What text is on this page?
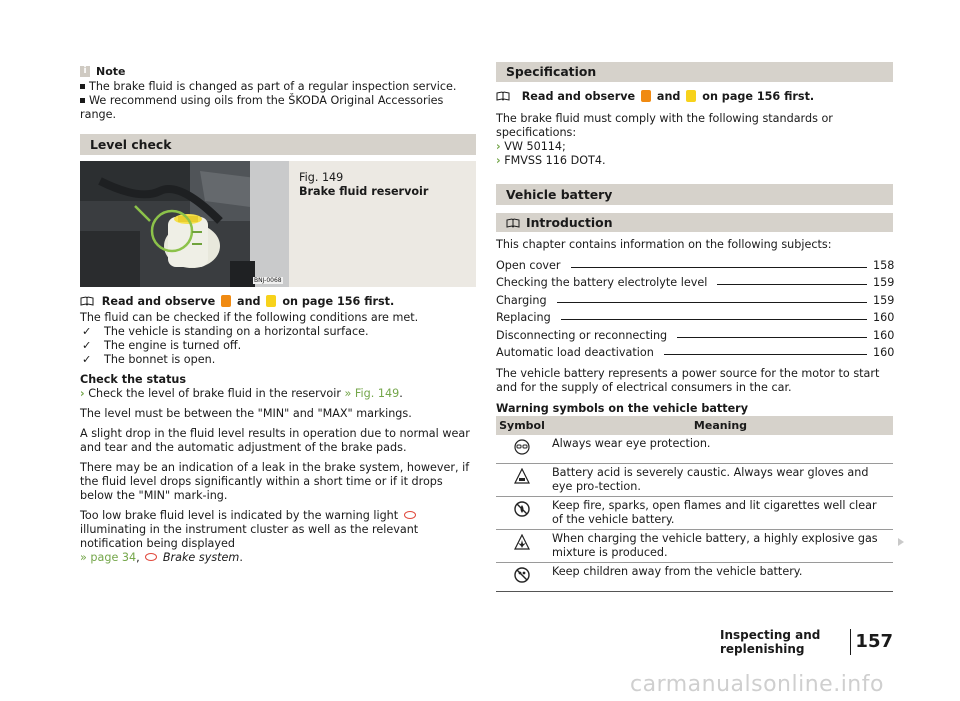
i Note

The brake fluid is changed as part of a regular inspection service.

We recommend using oils from the ŠKODA Original Accessories range.

Level check
BNJ-0068
Fig. 149
Brake fluid reservoir

Read and observe and on page 156 first.

The fluid can be checked if the following conditions are met.

✓	The vehicle is standing on a horizontal surface.
✓	The engine is turned off.
✓	The bonnet is open.

Check the status

› Check the level of brake fluid in the reservoir » Fig. 149.

The level must be between the "MIN" and "MAX" markings.

A slight drop in the fluid level results in operation due to normal wear and tear and the automatic adjustment of the brake pads.

There may be an indication of a leak in the brake system, however, if the fluid level drops significantly within a short time or if it drops below the "MIN" mark-ing.

Too low brake fluid level is indicated by the warning light  illuminating in the instrument cluster as well as the relevant notification being displayed
» page 34,  Brake system.

Specification

Read and observe and on page 156 first.

The brake fluid must comply with the following standards or specifications:

› VW 50114;

› FMVSS 116 DOT4.

Vehicle battery
Introduction

This chapter contains information on the following subjects:

Open cover	158
Checking the battery electrolyte level	159
Charging	159
Replacing	160
Disconnecting or reconnecting	160
Automatic load deactivation	160

The vehicle battery represents a power source for the motor to start and for the supply of electrical consumers in the car.

Warning symbols on the vehicle battery

Symbol	Meaning
	Always wear eye protection.
	Battery acid is severely caustic. Always wear gloves and eye pro-tection.
	Keep fire, sparks, open flames and lit cigarettes well clear of the vehicle battery.
	When charging the vehicle battery, a highly explosive gas mixture is produced.
	Keep children away from the vehicle battery.
Inspecting and replenishing	157
carmanualsonline.info
